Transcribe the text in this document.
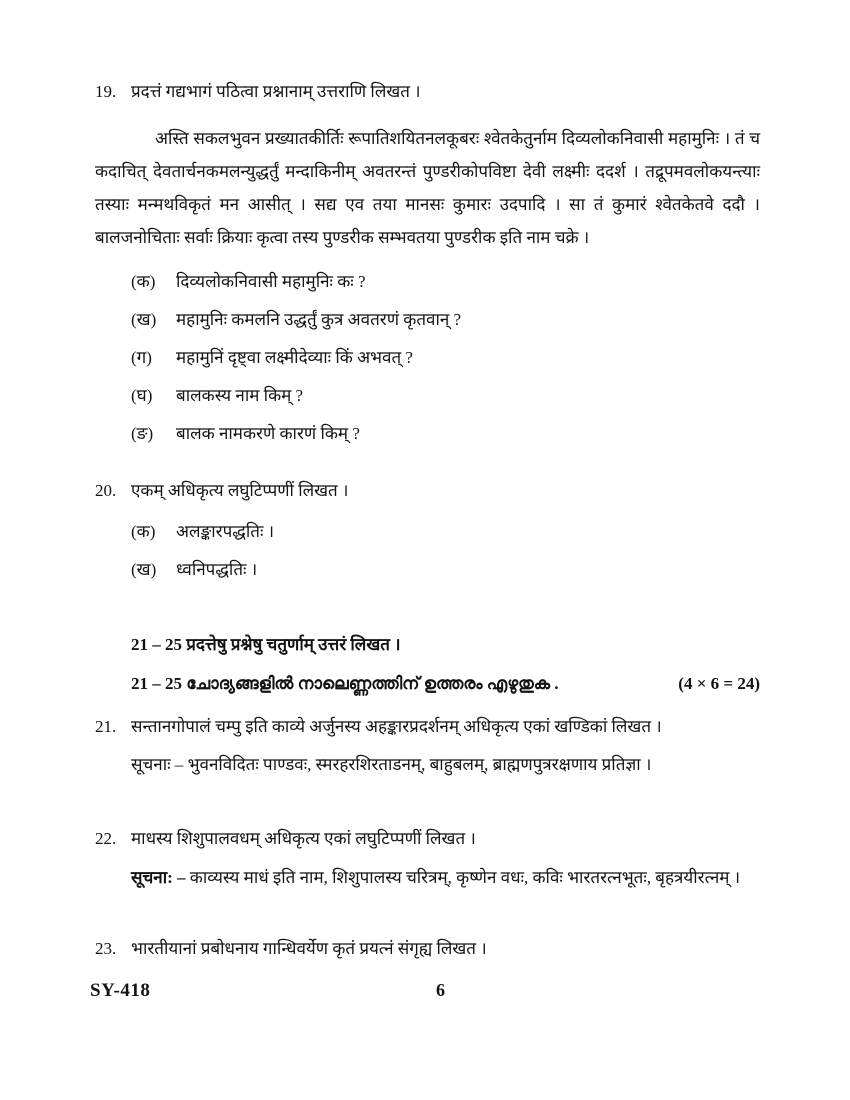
19. प्रदत्तं गद्यभागं पठित्वा प्रश्नानाम् उत्तराणि लिखत ।

अस्ति सकलभुवन प्रख्यातकीर्तिः रूपातिशयितनलकूबरः श्वेतकेतुर्नाम दिव्यलोकनिवासी महामुनिः । तं च कदाचित् देवतार्चनकमलन्युद्धर्तुं मन्दाकिनीम् अवतरन्तं पुण्डरीकोपविष्टा देवी लक्ष्मीः ददर्श । तद्रूपमवलोकयन्त्याः तस्याः मन्मथविकृतं मन आसीत् । सद्य एव तया मानसः कुमारः उदपादि । सा तं कुमारं श्वेतकेतवे ददौ । बालजनोचिताः सर्वाः क्रियाः कृत्वा तस्य पुण्डरीक सम्भवतया पुण्डरीक इति नाम चक्रे ।

(क)	दिव्यलोकनिवासी महामुनिः कः ?
(ख)	महामुनिः कमलनि उद्धर्तुं कुत्र अवतरणं कृतवान् ?
(ग)	महामुनिं दृष्ट्वा लक्ष्मीदेव्याः किं अभवत् ?
(घ)	बालकस्य नाम किम् ?
(ङ)	बालक नामकरणे कारणं किम् ?
20. एकम् अधिकृत्य लघुटिप्पणीं लिखत ।
(क)	अलङ्कारपद्धतिः ।
(ख)	ध्वनिपद्धतिः ।
21 – 25 प्रदत्तेषु प्रश्नेषु चतुर्णाम् उत्तरं लिखत ।
21 – 25 ചോദ്യങ്ങളിൽ നാലെണ്ണത്തിന് ഉത്തരം എഴുതുക .	(4 × 6 = 24)
21. सन्तानगोपालं चम्पु इति काव्ये अर्जुनस्य अहङ्कारप्रदर्शनम् अधिकृत्य एकां खण्डिकां लिखत ।
सूचनाः – भुवनविदितः पाण्डवः, स्मरहरशिरताडनम्, बाहुबलम्, ब्राह्मणपुत्ररक्षणाय प्रतिज्ञा ।
22. माधस्य शिशुपालवधम् अधिकृत्य एकां लघुटिप्पणीं लिखत ।
सूचना: – काव्यस्य माधं इति नाम, शिशुपालस्य चरित्रम्, कृष्णेन वधः, कविः भारतरत्नभूतः, बृहत्रयीरत्नम् ।
23. भारतीयानां प्रबोधनाय गान्धिवर्येण कृतं प्रयत्नं संगृह्य लिखत ।
SY-418	6
